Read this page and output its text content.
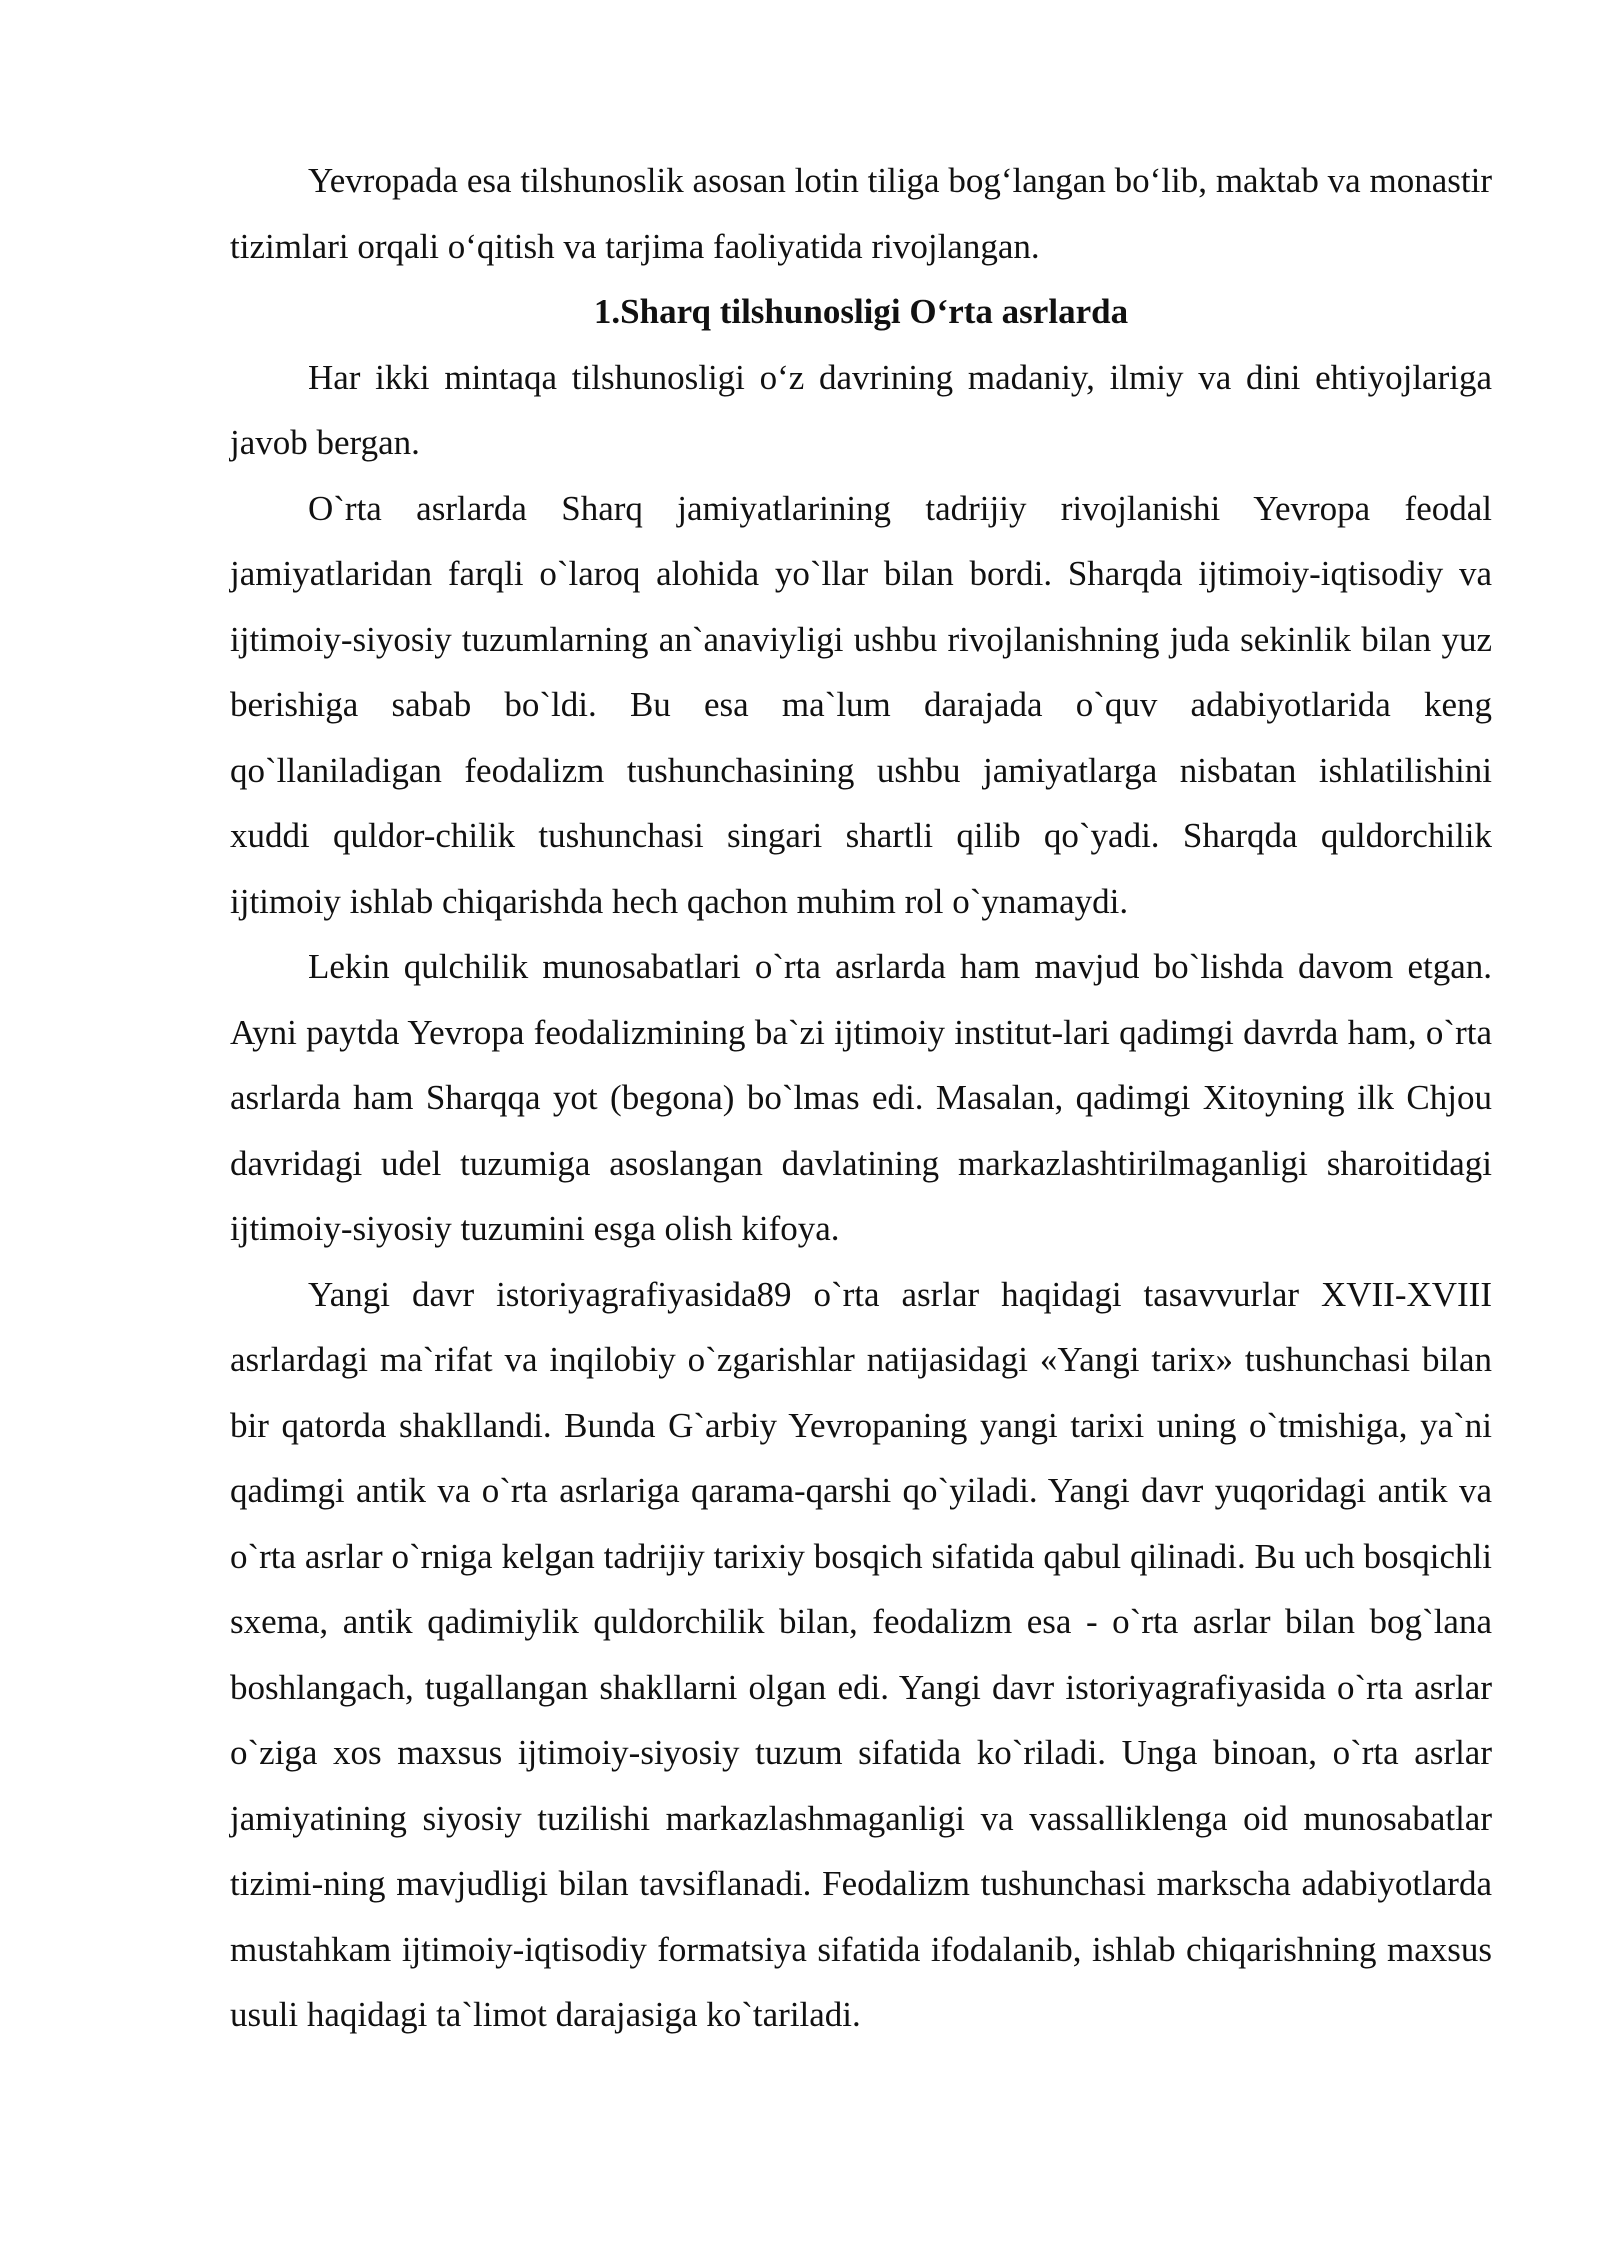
Yevropada esa tilshunoslik asosan lotin tiliga bog‘langan bo‘lib, maktab va monastir tizimlari orqali o‘qitish va tarjima faoliyatida rivojlangan.

1.Sharq tilshunosligi O‘rta asrlarda

Har ikki mintaqa tilshunosligi o‘z davrining madaniy, ilmiy va dini ehtiyojlariga javob bergan.

O`rta asrlarda Sharq jamiyatlarining tadrijiy rivojlanishi Yevropa feodal jamiyatlaridan farqli o`laroq alohida yo`llar bilan bordi. Sharqda ijtimoiy-iqtisodiy va ijtimoiy-siyosiy tuzumlarning an`anaviyligi ushbu rivojlanishning juda sekinlik bilan yuz berishiga sabab bo`ldi. Bu esa ma`lum darajada o`quv adabiyotlarida keng qo`llaniladigan feodalizm tushunchasining ushbu jamiyatlarga nisbatan ishlatilishini xuddi quldor-chilik tushunchasi singari shartli qilib qo`yadi. Sharqda quldorchilik ijtimoiy ishlab chiqarishda hech qachon muhim rol o`ynamaydi.

Lekin qulchilik munosabatlari o`rta asrlarda ham mavjud bo`lishda davom etgan. Ayni paytda Yevropa feodalizmining ba`zi ijtimoiy institut-lari qadimgi davrda ham, o`rta asrlarda ham Sharqqa yot (begona) bo`lmas edi. Masalan, qadimgi Xitoyning ilk Chjou davridagi udel tuzumiga asoslangan davlatining markazlashtirilmaganligi sharoitidagi ijtimoiy-siyosiy tuzumini esga olish kifoya.

Yangi davr istoriyagrafiyasida89 o`rta asrlar haqidagi tasavvurlar XVII-XVIII asrlardagi ma`rifat va inqilobiy o`zgarishlar natijasidagi «Yangi tarix» tushunchasi bilan bir qatorda shakllandi. Bunda G`arbiy Yevropaning yangi tarixi uning o`tmishiga, ya`ni qadimgi antik va o`rta asrlariga qarama-qarshi qo`yiladi. Yangi davr yuqoridagi antik va o`rta asrlar o`rniga kelgan tadrijiy tarixiy bosqich sifatida qabul qilinadi. Bu uch bosqichli sxema, antik qadimiylik quldorchilik bilan, feodalizm esa - o`rta asrlar bilan bog`lana boshlangach, tugallangan shakllarni olgan edi. Yangi davr istoriyagrafiyasida o`rta asrlar o`ziga xos maxsus ijtimoiy-siyosiy tuzum sifatida ko`riladi. Unga binoan, o`rta asrlar jamiyatining siyosiy tuzilishi markazlashmaganligi va vassalliklenga oid munosabatlar tizimi-ning mavjudligi bilan tavsiflanadi. Feodalizm tushunchasi markscha adabiyotlarda mustahkam ijtimoiy-iqtisodiy formatsiya sifatida ifodalanib, ishlab chiqarishning maxsus usuli haqidagi ta`limot darajasiga ko`tariladi.
